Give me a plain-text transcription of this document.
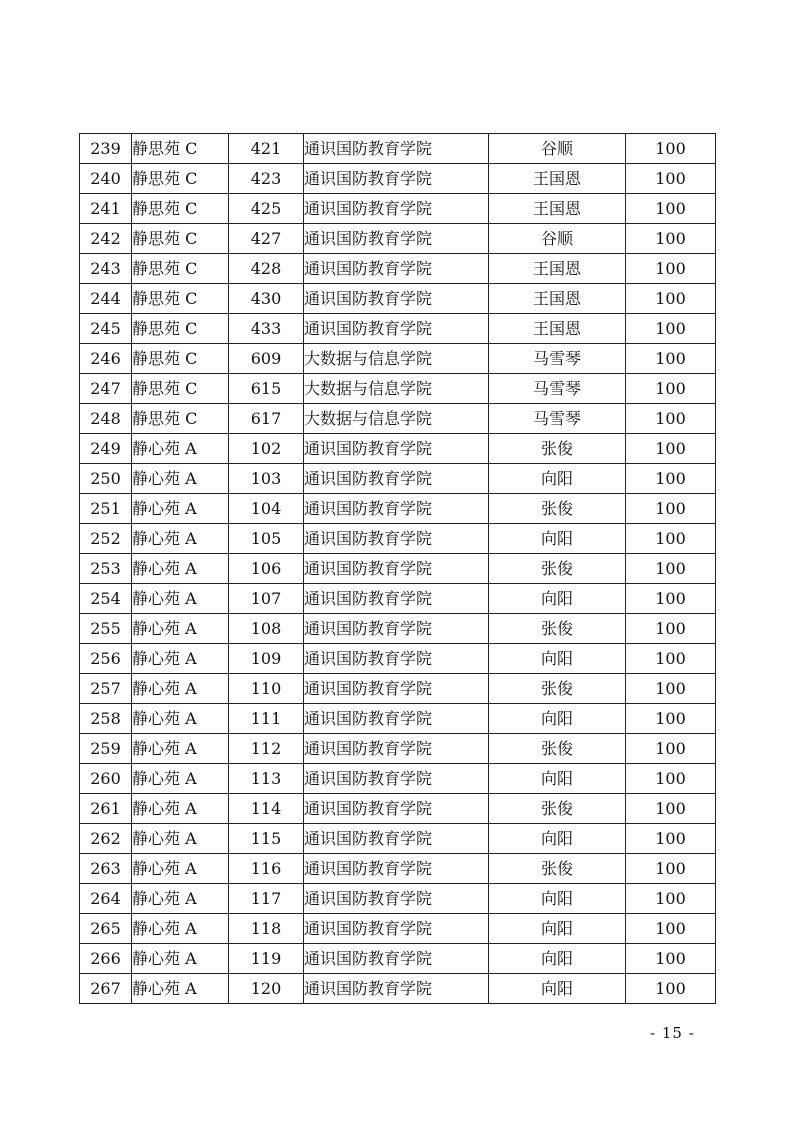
239	静思苑 C	421	通识国防教育学院	谷顺	100
240	静思苑 C	423	通识国防教育学院	王国恩	100
241	静思苑 C	425	通识国防教育学院	王国恩	100
242	静思苑 C	427	通识国防教育学院	谷顺	100
243	静思苑 C	428	通识国防教育学院	王国恩	100
244	静思苑 C	430	通识国防教育学院	王国恩	100
245	静思苑 C	433	通识国防教育学院	王国恩	100
246	静思苑 C	609	大数据与信息学院	马雪琴	100
247	静思苑 C	615	大数据与信息学院	马雪琴	100
248	静思苑 C	617	大数据与信息学院	马雪琴	100
249	静心苑 A	102	通识国防教育学院	张俊	100
250	静心苑 A	103	通识国防教育学院	向阳	100
251	静心苑 A	104	通识国防教育学院	张俊	100
252	静心苑 A	105	通识国防教育学院	向阳	100
253	静心苑 A	106	通识国防教育学院	张俊	100
254	静心苑 A	107	通识国防教育学院	向阳	100
255	静心苑 A	108	通识国防教育学院	张俊	100
256	静心苑 A	109	通识国防教育学院	向阳	100
257	静心苑 A	110	通识国防教育学院	张俊	100
258	静心苑 A	111	通识国防教育学院	向阳	100
259	静心苑 A	112	通识国防教育学院	张俊	100
260	静心苑 A	113	通识国防教育学院	向阳	100
261	静心苑 A	114	通识国防教育学院	张俊	100
262	静心苑 A	115	通识国防教育学院	向阳	100
263	静心苑 A	116	通识国防教育学院	张俊	100
264	静心苑 A	117	通识国防教育学院	向阳	100
265	静心苑 A	118	通识国防教育学院	向阳	100
266	静心苑 A	119	通识国防教育学院	向阳	100
267	静心苑 A	120	通识国防教育学院	向阳	100
- 15 -
